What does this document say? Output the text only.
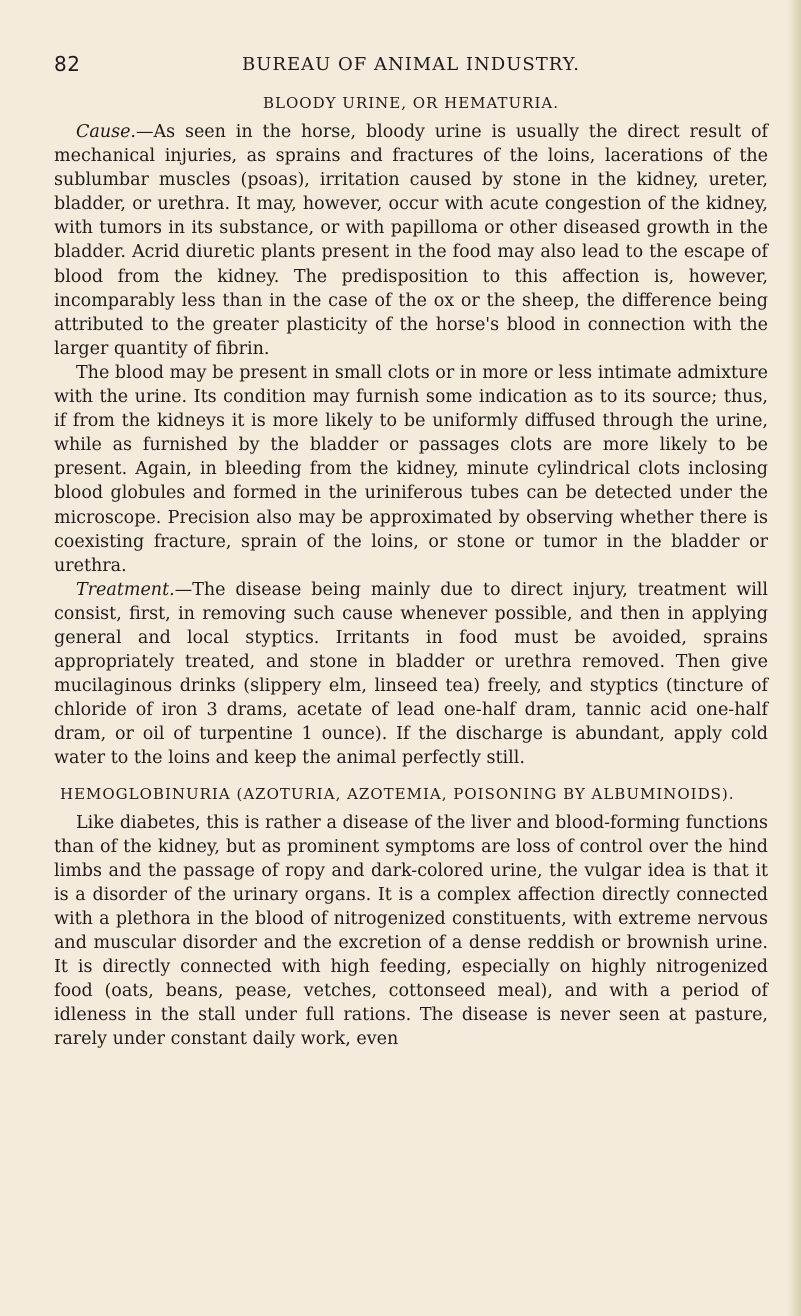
82	BUREAU OF ANIMAL INDUSTRY.
BLOODY URINE, OR HEMATURIA.

Cause.—As seen in the horse, bloody urine is usually the direct result of mechanical injuries, as sprains and fractures of the loins, lacerations of the sublumbar muscles (psoas), irritation caused by stone in the kidney, ureter, bladder, or urethra. It may, however, occur with acute congestion of the kidney, with tumors in its substance, or with papilloma or other diseased growth in the bladder. Acrid diuretic plants present in the food may also lead to the escape of blood from the kidney. The predisposition to this affection is, however, incomparably less than in the case of the ox or the sheep, the difference being attributed to the greater plasticity of the horse's blood in connection with the larger quantity of fibrin.

The blood may be present in small clots or in more or less intimate admixture with the urine. Its condition may furnish some indication as to its source; thus, if from the kidneys it is more likely to be uniformly diffused through the urine, while as furnished by the bladder or passages clots are more likely to be present. Again, in bleeding from the kidney, minute cylindrical clots inclosing blood globules and formed in the uriniferous tubes can be detected under the microscope. Precision also may be approximated by observing whether there is coexisting fracture, sprain of the loins, or stone or tumor in the bladder or urethra.

Treatment.—The disease being mainly due to direct injury, treatment will consist, first, in removing such cause whenever possible, and then in applying general and local styptics. Irritants in food must be avoided, sprains appropriately treated, and stone in bladder or urethra removed. Then give mucilaginous drinks (slippery elm, linseed tea) freely, and styptics (tincture of chloride of iron 3 drams, acetate of lead one-half dram, tannic acid one-half dram, or oil of turpentine 1 ounce). If the discharge is abundant, apply cold water to the loins and keep the animal perfectly still.

HEMOGLOBINURIA (AZOTURIA, AZOTEMIA, POISONING BY ALBUMINOIDS).

Like diabetes, this is rather a disease of the liver and blood-forming functions than of the kidney, but as prominent symptoms are loss of control over the hind limbs and the passage of ropy and dark-colored urine, the vulgar idea is that it is a disorder of the urinary organs. It is a complex affection directly connected with a plethora in the blood of nitrogenized constituents, with extreme nervous and muscular disorder and the excretion of a dense reddish or brownish urine. It is directly connected with high feeding, especially on highly nitrogenized food (oats, beans, pease, vetches, cottonseed meal), and with a period of idleness in the stall under full rations. The disease is never seen at pasture, rarely under constant daily work, even
